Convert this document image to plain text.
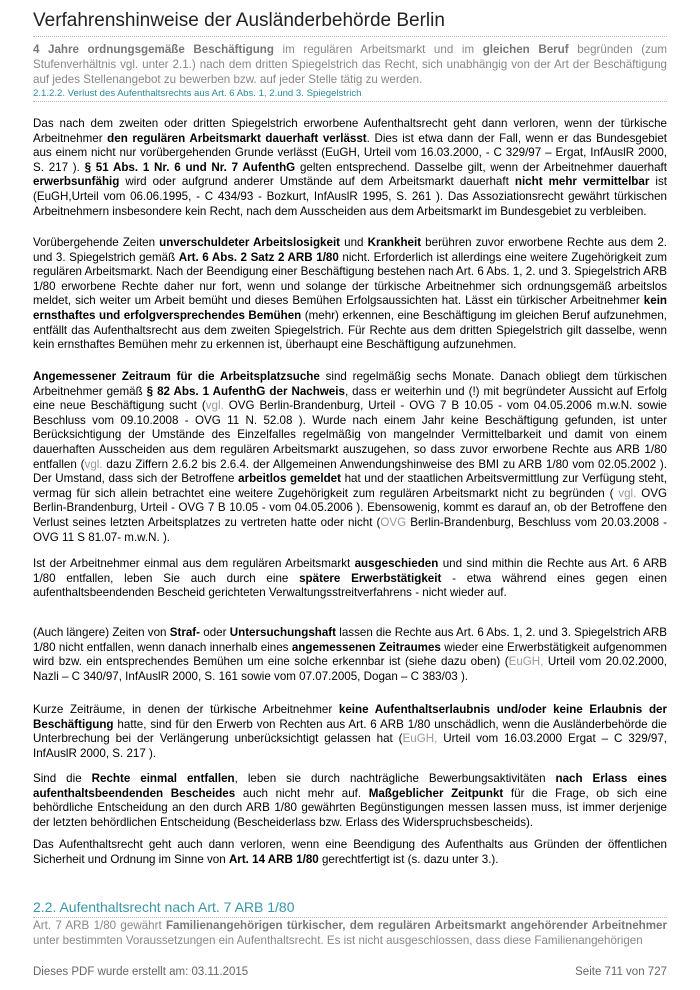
Verfahrenshinweise der Ausländerbehörde Berlin
4 Jahre ordnungsgemäße Beschäftigung im regulären Arbeitsmarkt und im gleichen Beruf begründen (zum Stufenverhältnis vgl. unter 2.1.) nach dem dritten Spiegelstrich das Recht, sich unabhängig von der Art der Beschäftigung auf jedes Stellenangebot zu bewerben bzw. auf jeder Stelle tätig zu werden.
2.1.2.2. Verlust des Aufenthaltsrechts aus Art. 6 Abs. 1, 2.und 3. Spiegelstrich

Das nach dem zweiten oder dritten Spiegelstrich erworbene Aufenthaltsrecht geht dann verloren, wenn der türkische Arbeitnehmer den regulären Arbeitsmarkt dauerhaft verlässt. Dies ist etwa dann der Fall, wenn er das Bundesgebiet aus einem nicht nur vorübergehenden Grunde verlässt (EuGH, Urteil vom 16.03.2000, - C 329/97 – Ergat, InfAuslR 2000, S. 217 ). § 51 Abs. 1 Nr. 6 und Nr. 7 AufenthG gelten entsprechend. Dasselbe gilt, wenn der Arbeitnehmer dauerhaft erwerbsunfähig wird oder aufgrund anderer Umstände auf dem Arbeitsmarkt dauerhaft nicht mehr vermittelbar ist (EuGH,Urteil vom 06.06.1995, - C 434/93 - Bozkurt, InfAuslR 1995, S. 261 ). Das Assoziationsrecht gewährt türkischen Arbeitnehmern insbesondere kein Recht, nach dem Ausscheiden aus dem Arbeitsmarkt im Bundesgebiet zu verbleiben.

Vorübergehende Zeiten unverschuldeter Arbeitslosigkeit und Krankheit berühren zuvor erworbene Rechte aus dem 2. und 3. Spiegelstrich gemäß Art. 6 Abs. 2 Satz 2 ARB 1/80 nicht. Erforderlich ist allerdings eine weitere Zugehörigkeit zum regulären Arbeitsmarkt. Nach der Beendigung einer Beschäftigung bestehen nach Art. 6 Abs. 1, 2. und 3. Spiegelstrich ARB 1/80 erworbene Rechte daher nur fort, wenn und solange der türkische Arbeitnehmer sich ordnungsgemäß arbeitslos meldet, sich weiter um Arbeit bemüht und dieses Bemühen Erfolgsaussichten hat. Lässt ein türkischer Arbeitnehmer kein ernsthaftes und erfolgversprechendes Bemühen (mehr) erkennen, eine Beschäftigung im gleichen Beruf aufzunehmen, entfällt das Aufenthaltsrecht aus dem zweiten Spiegelstrich. Für Rechte aus dem dritten Spiegelstrich gilt dasselbe, wenn kein ernsthaftes Bemühen mehr zu erkennen ist, überhaupt eine Beschäftigung aufzunehmen.

Angemessener Zeitraum für die Arbeitsplatzsuche sind regelmäßig sechs Monate. Danach obliegt dem türkischen Arbeitnehmer gemäß § 82 Abs. 1 AufenthG der Nachweis, dass er weiterhin und (!) mit begründeter Aussicht auf Erfolg eine neue Beschäftigung sucht (vgl. OVG Berlin-Brandenburg, Urteil - OVG 7 B 10.05 - vom 04.05.2006 m.w.N. sowie Beschluss vom 09.10.2008 - OVG 11 N. 52.08 ). Wurde nach einem Jahr keine Beschäftigung gefunden, ist unter Berücksichtigung der Umstände des Einzelfalles regelmäßig von mangelnder Vermittelbarkeit und damit von einem dauerhaften Ausscheiden aus dem regulären Arbeitsmarkt auszugehen, so dass zuvor erworbene Rechte aus ARB 1/80 entfallen (vgl. dazu Ziffern 2.6.2 bis 2.6.4. der Allgemeinen Anwendungshinweise des BMI zu ARB 1/80 vom 02.05.2002 ). Der Umstand, dass sich der Betroffene arbeitlos gemeldet hat und der staatlichen Arbeitsvermittlung zur Verfügung steht, vermag für sich allein betrachtet eine weitere Zugehörigkeit zum regulären Arbeitsmarkt nicht zu begründen ( vgl. OVG Berlin-Brandenburg, Urteil - OVG 7 B 10.05 - vom 04.05.2006 ). Ebensowenig, kommt es darauf an, ob der Betroffene den Verlust seines letzten Arbeitsplatzes zu vertreten hatte oder nicht (OVG Berlin-Brandenburg, Beschluss vom 20.03.2008 - OVG 11 S 81.07- m.w.N. ).

Ist der Arbeitnehmer einmal aus dem regulären Arbeitsmarkt ausgeschieden und sind mithin die Rechte aus Art. 6 ARB 1/80 entfallen, leben Sie auch durch eine spätere Erwerbstätigkeit - etwa während eines gegen einen aufenthaltsbeendenden Bescheid gerichteten Verwaltungsstreitverfahrens - nicht wieder auf.

(Auch längere) Zeiten von Straf- oder Untersuchungshaft lassen die Rechte aus Art. 6 Abs. 1, 2. und 3. Spiegelstrich ARB 1/80 nicht entfallen, wenn danach innerhalb eines angemessenen Zeitraumes wieder eine Erwerbstätigkeit aufgenommen wird bzw. ein entsprechendes Bemühen um eine solche erkennbar ist (siehe dazu oben) (EuGH, Urteil vom 20.02.2000, Nazli – C 340/97, InfAuslR 2000, S. 161 sowie vom 07.07.2005, Dogan – C 383/03 ).

Kurze Zeiträume, in denen der türkische Arbeitnehmer keine Aufenthaltserlaubnis und/oder keine Erlaubnis der Beschäftigung hatte, sind für den Erwerb von Rechten aus Art. 6 ARB 1/80 unschädlich, wenn die Ausländerbehörde die Unterbrechung bei der Verlängerung unberücksichtigt gelassen hat (EuGH, Urteil vom 16.03.2000 Ergat – C 329/97, InfAuslR 2000, S. 217 ).

Sind die Rechte einmal entfallen, leben sie durch nachträgliche Bewerbungsaktivitäten nach Erlass eines aufenthaltsbeendenden Bescheides auch nicht mehr auf. Maßgeblicher Zeitpunkt für die Frage, ob sich eine behördliche Entscheidung an den durch ARB 1/80 gewährten Begünstigungen messen lassen muss, ist immer derjenige der letzten behördlichen Entscheidung (Bescheiderlass bzw. Erlass des Widerspruchsbescheids).

Das Aufenthaltsrecht geht auch dann verloren, wenn eine Beendigung des Aufenthalts aus Gründen der öffentlichen Sicherheit und Ordnung im Sinne von Art. 14 ARB 1/80 gerechtfertigt ist (s. dazu unter 3.).

2.2. Aufenthaltsrecht nach Art. 7 ARB 1/80

Art. 7 ARB 1/80 gewährt Familienangehörigen türkischer, dem regulären Arbeitsmarkt angehörender Arbeitnehmer unter bestimmten Voraussetzungen ein Aufenthaltsrecht. Es ist nicht ausgeschlossen, dass diese Familienangehörigen

Dieses PDF wurde erstellt am: 03.11.2015	Seite 711 von 727
